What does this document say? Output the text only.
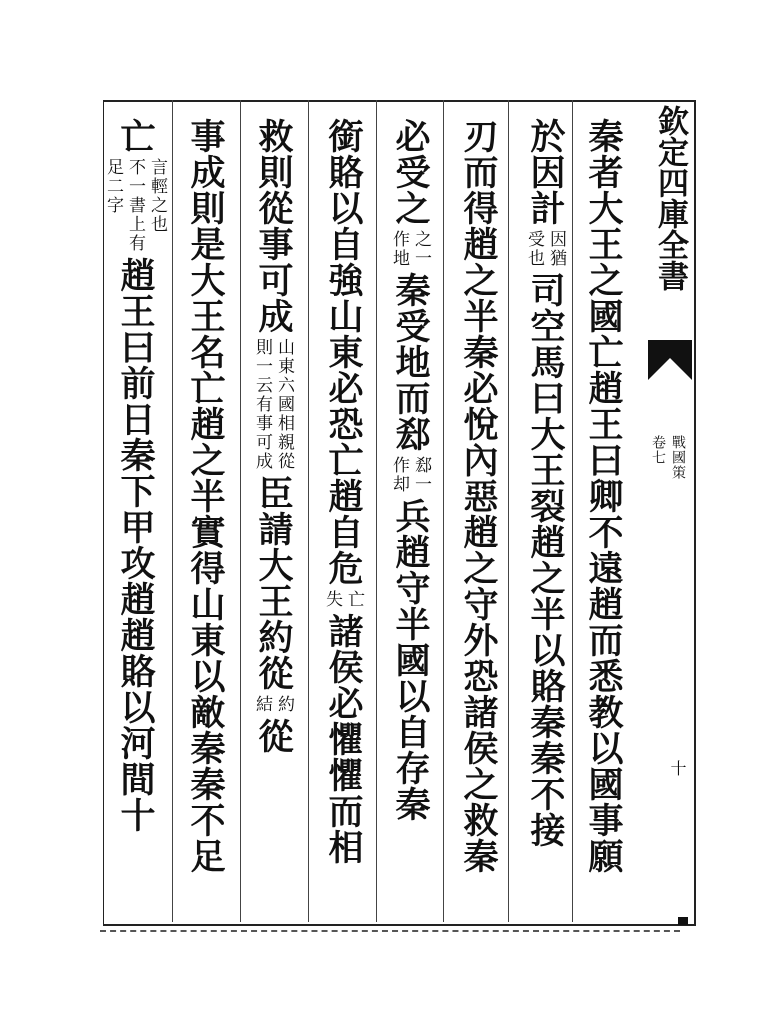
秦者大王之國亡趙王曰卿不遠趙而悉教以國事願
於因計
因猶
受也
司空馬曰大王裂趙之半以賂秦秦不接
刃而得趙之半秦必悅內惡趙之守外恐諸侯之救秦
必受之
之一
作地
秦受地而郄
郄一
作却
兵趙守半國以自存秦
銜賂以自強山東必恐亡趙自危
亡
失
諸侯必懼懼而相
救則從事可成
山東六國相親從
則一云有事可成
臣請大王約從
約
結
從
事成則是大王名亡趙之半實得山東以敵秦秦不足
亡
言輕之也
不一書上有
足二字
趙王曰前日秦下甲攻趙趙賂以河間十
欽定四庫全書
戰國策
卷七
十
